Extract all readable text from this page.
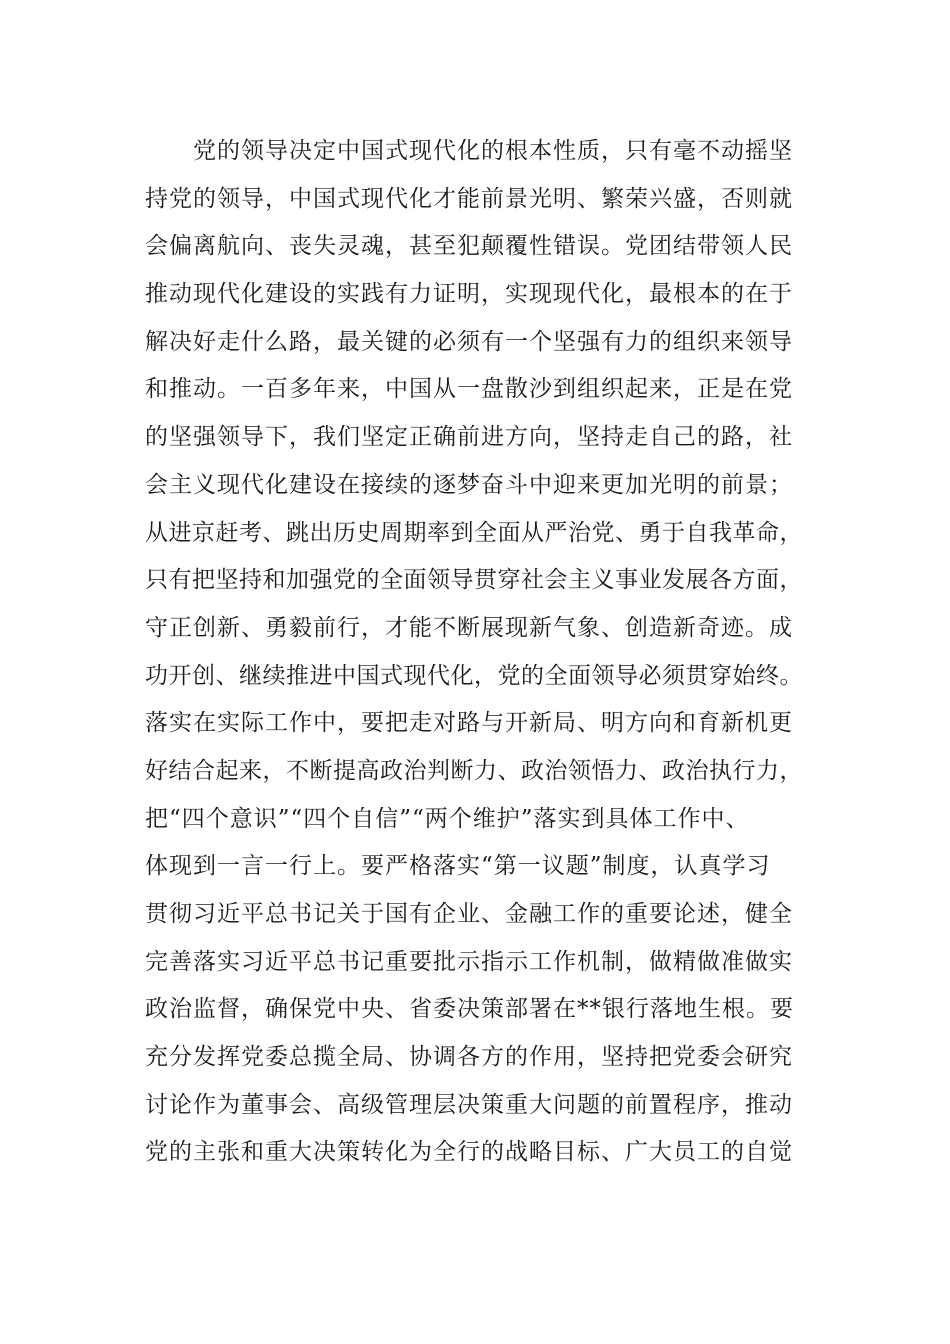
党的领导决定中国式现代化的根本性质，只有毫不动摇坚
持党的领导，中国式现代化才能前景光明、繁荣兴盛，否则就
会偏离航向、丧失灵魂，甚至犯颠覆性错误。党团结带领人民
推动现代化建设的实践有力证明，实现现代化，最根本的在于
解决好走什么路，最关键的必须有一个坚强有力的组织来领导
和推动。一百多年来，中国从一盘散沙到组织起来，正是在党
的坚强领导下，我们坚定正确前进方向，坚持走自己的路，社
会主义现代化建设在接续的逐梦奋斗中迎来更加光明的前景；
从进京赶考、跳出历史周期率到全面从严治党、勇于自我革命，
只有把坚持和加强党的全面领导贯穿社会主义事业发展各方面，
守正创新、勇毅前行，才能不断展现新气象、创造新奇迹。成
功开创、继续推进中国式现代化，党的全面领导必须贯穿始终。
落实在实际工作中，要把走对路与开新局、明方向和育新机更
好结合起来，不断提高政治判断力、政治领悟力、政治执行力，
把“四个意识”“四个自信”“两个维护”落实到具体工作中、
体现到一言一行上。要严格落实“第一议题”制度，认真学习
贯彻习近平总书记关于国有企业、金融工作的重要论述，健全
完善落实习近平总书记重要批示指示工作机制，做精做准做实
政治监督，确保党中央、省委决策部署在**银行落地生根。要
充分发挥党委总揽全局、协调各方的作用，坚持把党委会研究
讨论作为董事会、高级管理层决策重大问题的前置程序，推动
党的主张和重大决策转化为全行的战略目标、广大员工的自觉
